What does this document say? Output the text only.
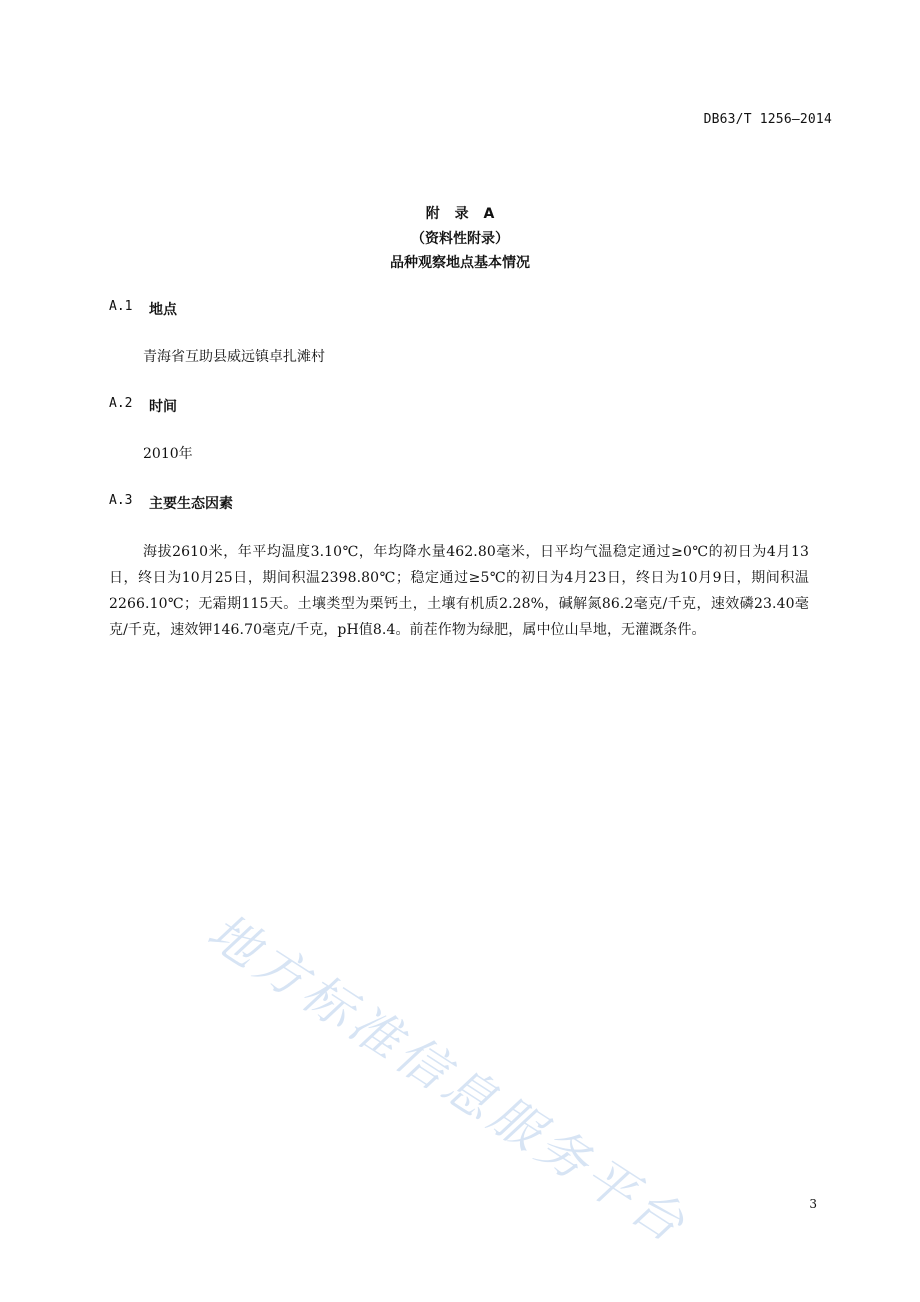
DB63/T 1256—2014
附 录 A
（资料性附录）
品种观察地点基本情况
A.1	地点
青海省互助县威远镇卓扎滩村
A.2	时间
2010年
A.3	主要生态因素
海拔2610米，年平均温度3.10℃，年均降水量462.80毫米，日平均气温稳定通过≥0℃的初日为4月13日，终日为10月25日，期间积温2398.80℃；稳定通过≥5℃的初日为4月23日，终日为10月9日，期间积温2266.10℃；无霜期115天。土壤类型为栗钙土，土壤有机质2.28%，碱解氮86.2毫克/千克，速效磷23.40毫克/千克，速效钾146.70毫克/千克，pH值8.4。前茬作物为绿肥，属中位山旱地，无灌溉条件。
地方标准信息服务平台	3
